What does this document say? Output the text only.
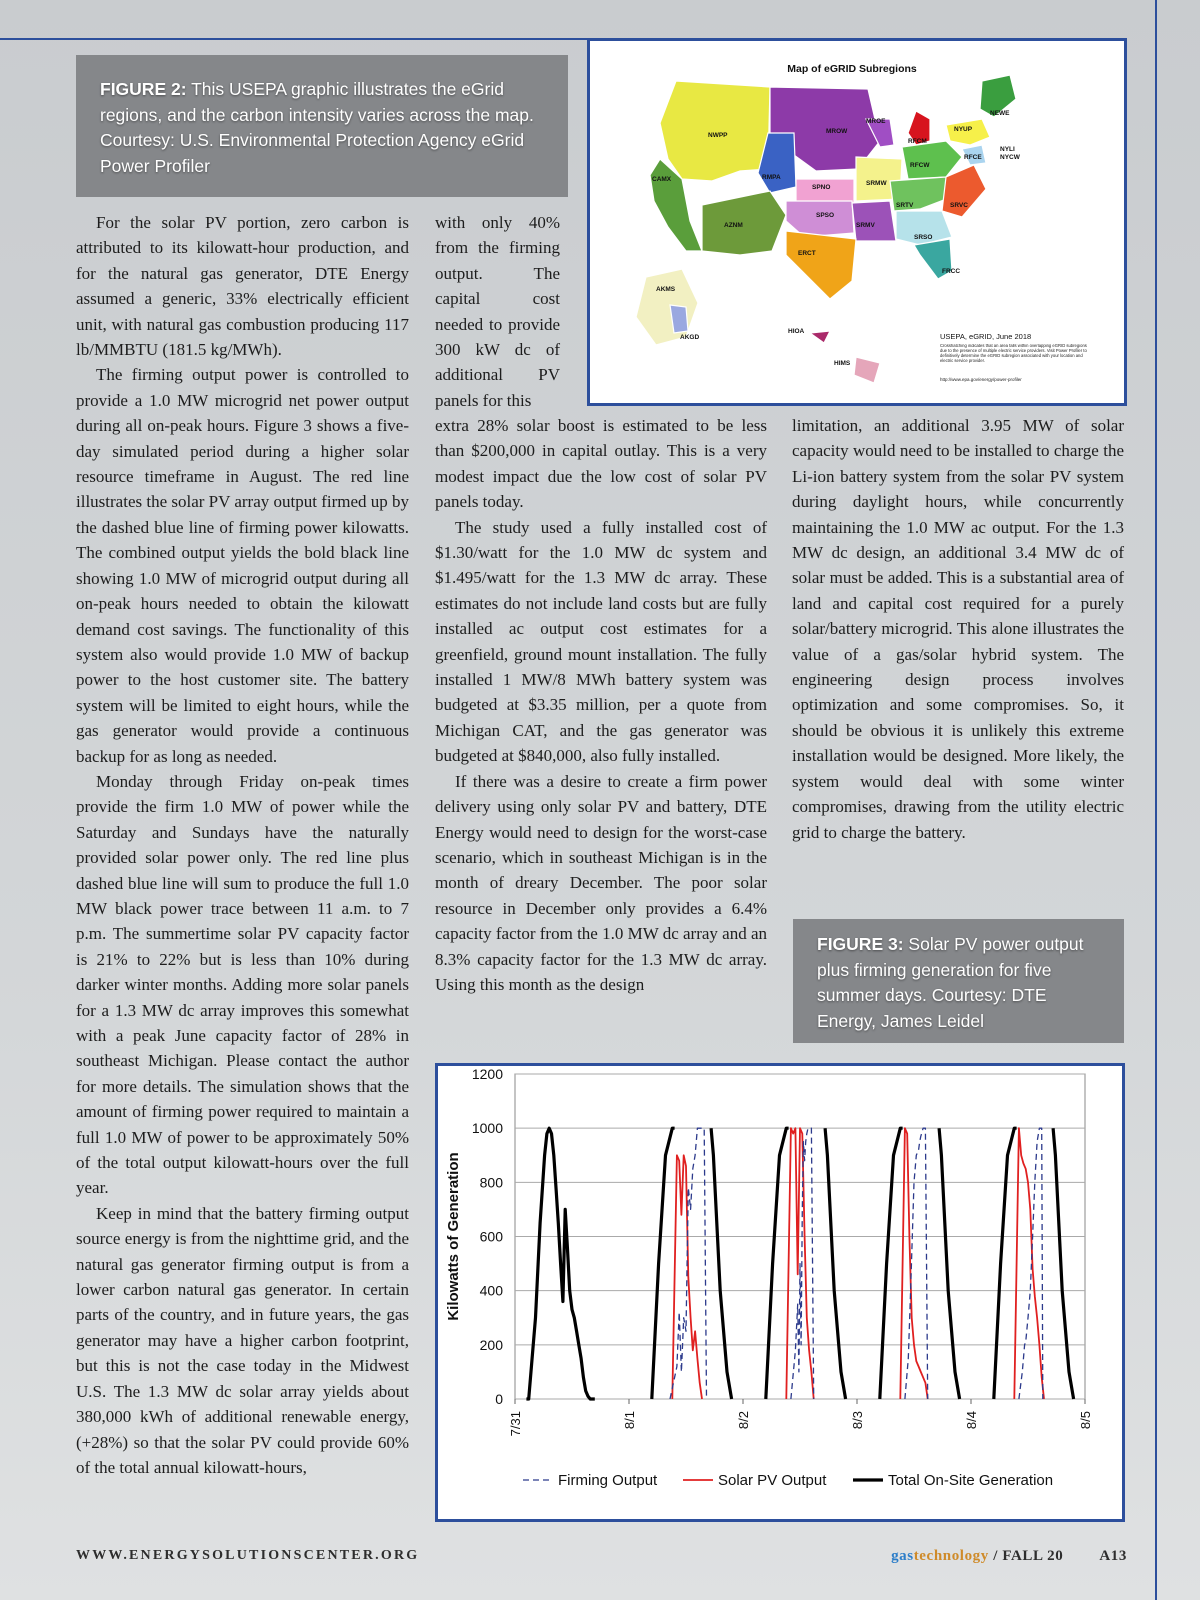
FIGURE 2: This USEPA graphic illustrates the eGrid regions, and the carbon intensity varies across the map. Courtesy: U.S. Environmental Protection Agency eGrid Power Profiler
Map of eGRID Subregions
NWPP
MROW
MROE
NEWE
NYUP
NYLI
NYCW
RFCE
RFCM
RFCW
CAMX	RMPA
SPNO
SRMW
SRTV	SRVC
SPSO
SRMV
AZNM
ERCT
SRSO
FRCC
AKMS
AKGD
HIOA
HIMS
USEPA, eGRID, June 2018
Crosshatching indicates that an area falls within overlapping eGRID subregions due to the presence of multiple electric service providers. Visit Power Profiler to definitively determine the eGRID subregion associated with your location and electric service provider.
http://www.epa.gov/energy/power-profiler

For the solar PV portion, zero carbon is attributed to its kilowatt-hour production, and for the natural gas generator, DTE Energy assumed a generic, 33% electrically efficient unit, with natural gas combustion producing 117 lb/MMBTU (181.5 kg/MWh).

The firming output power is controlled to provide a 1.0 MW microgrid net power output during all on-peak hours. Figure 3 shows a five-day simulated period during a higher solar resource timeframe in August. The red line illustrates the solar PV array output firmed up by the dashed blue line of firming power kilowatts. The combined output yields the bold black line showing 1.0 MW of microgrid output during all on-peak hours needed to obtain the kilowatt demand cost savings. The functionality of this system also would provide 1.0 MW of backup power to the host customer site. The battery system will be limited to eight hours, while the gas generator would provide a continuous backup for as long as needed.

Monday through Friday on-peak times provide the firm 1.0 MW of power while the Saturday and Sundays have the naturally provided solar power only. The red line plus dashed blue line will sum to produce the full 1.0 MW black power trace between 11 a.m. to 7 p.m. The summertime solar PV capacity factor is 21% to 22% but is less than 10% during darker winter months. Adding more solar panels for a 1.3 MW dc array improves this somewhat with a peak June capacity factor of 28% in southeast Michigan. Please contact the author for more details. The simulation shows that the amount of firming power required to maintain a full 1.0 MW of power to be approximately 50% of the total output kilowatt-hours over the full year.

Keep in mind that the battery firming output source energy is from the nighttime grid, and the natural gas generator firming output is from a lower carbon natural gas generator. In certain parts of the country, and in future years, the gas generator may have a higher carbon footprint, but this is not the case today in the Midwest U.S. The 1.3 MW dc solar array yields about 380,000 kWh of additional renewable energy, (+28%) so that the solar PV could provide 60% of the total annual kilowatt-hours,

with only 40% from the firming output. The capital cost needed to provide 300 kW dc of additional PV panels for this

extra 28% solar boost is estimated to be less than $200,000 in capital outlay. This is a very modest impact due the low cost of solar PV panels today.

The study used a fully installed cost of $1.30/watt for the 1.0 MW dc system and $1.495/watt for the 1.3 MW dc array. These estimates do not include land costs but are fully installed ac output cost estimates for a greenfield, ground mount installation. The fully installed 1 MW/8 MWh battery system was budgeted at $3.35 million, per a quote from Michigan CAT, and the gas generator was budgeted at $840,000, also fully installed.

If there was a desire to create a firm power delivery using only solar PV and battery, DTE Energy would need to design for the worst-case scenario, which in southeast Michigan is in the month of dreary December. The poor solar resource in December only provides a 6.4% capacity factor from the 1.0 MW dc array and an 8.3% capacity factor for the 1.3 MW dc array. Using this month as the design

limitation, an additional 3.95 MW of solar capacity would need to be installed to charge the Li-ion battery system from the solar PV system during daylight hours, while concurrently maintaining the 1.0 MW ac output. For the 1.3 MW dc design, an additional 3.4 MW dc of solar must be added. This is a substantial area of land and capital cost required for a purely solar/battery microgrid. This alone illustrates the value of a gas/solar hybrid system. The engineering design process involves optimization and some compromises. So, it should be obvious it is unlikely this extreme installation would be designed. More likely, the system would deal with some winter compromises, drawing from the utility electric grid to charge the battery.

FIGURE 3: Solar PV power output plus firming generation for five summer days. Courtesy: DTE Energy, James Leidel
0
200
400
600
800
1000
1200
7/31	8/1	8/2	8/3	8/4	8/5
Kilowatts of Generation
Firming Output	Solar PV Output	Total On-Site Generation
WWW.ENERGYSOLUTIONSCENTER.ORG	gastechnology / FALL 20 A13
